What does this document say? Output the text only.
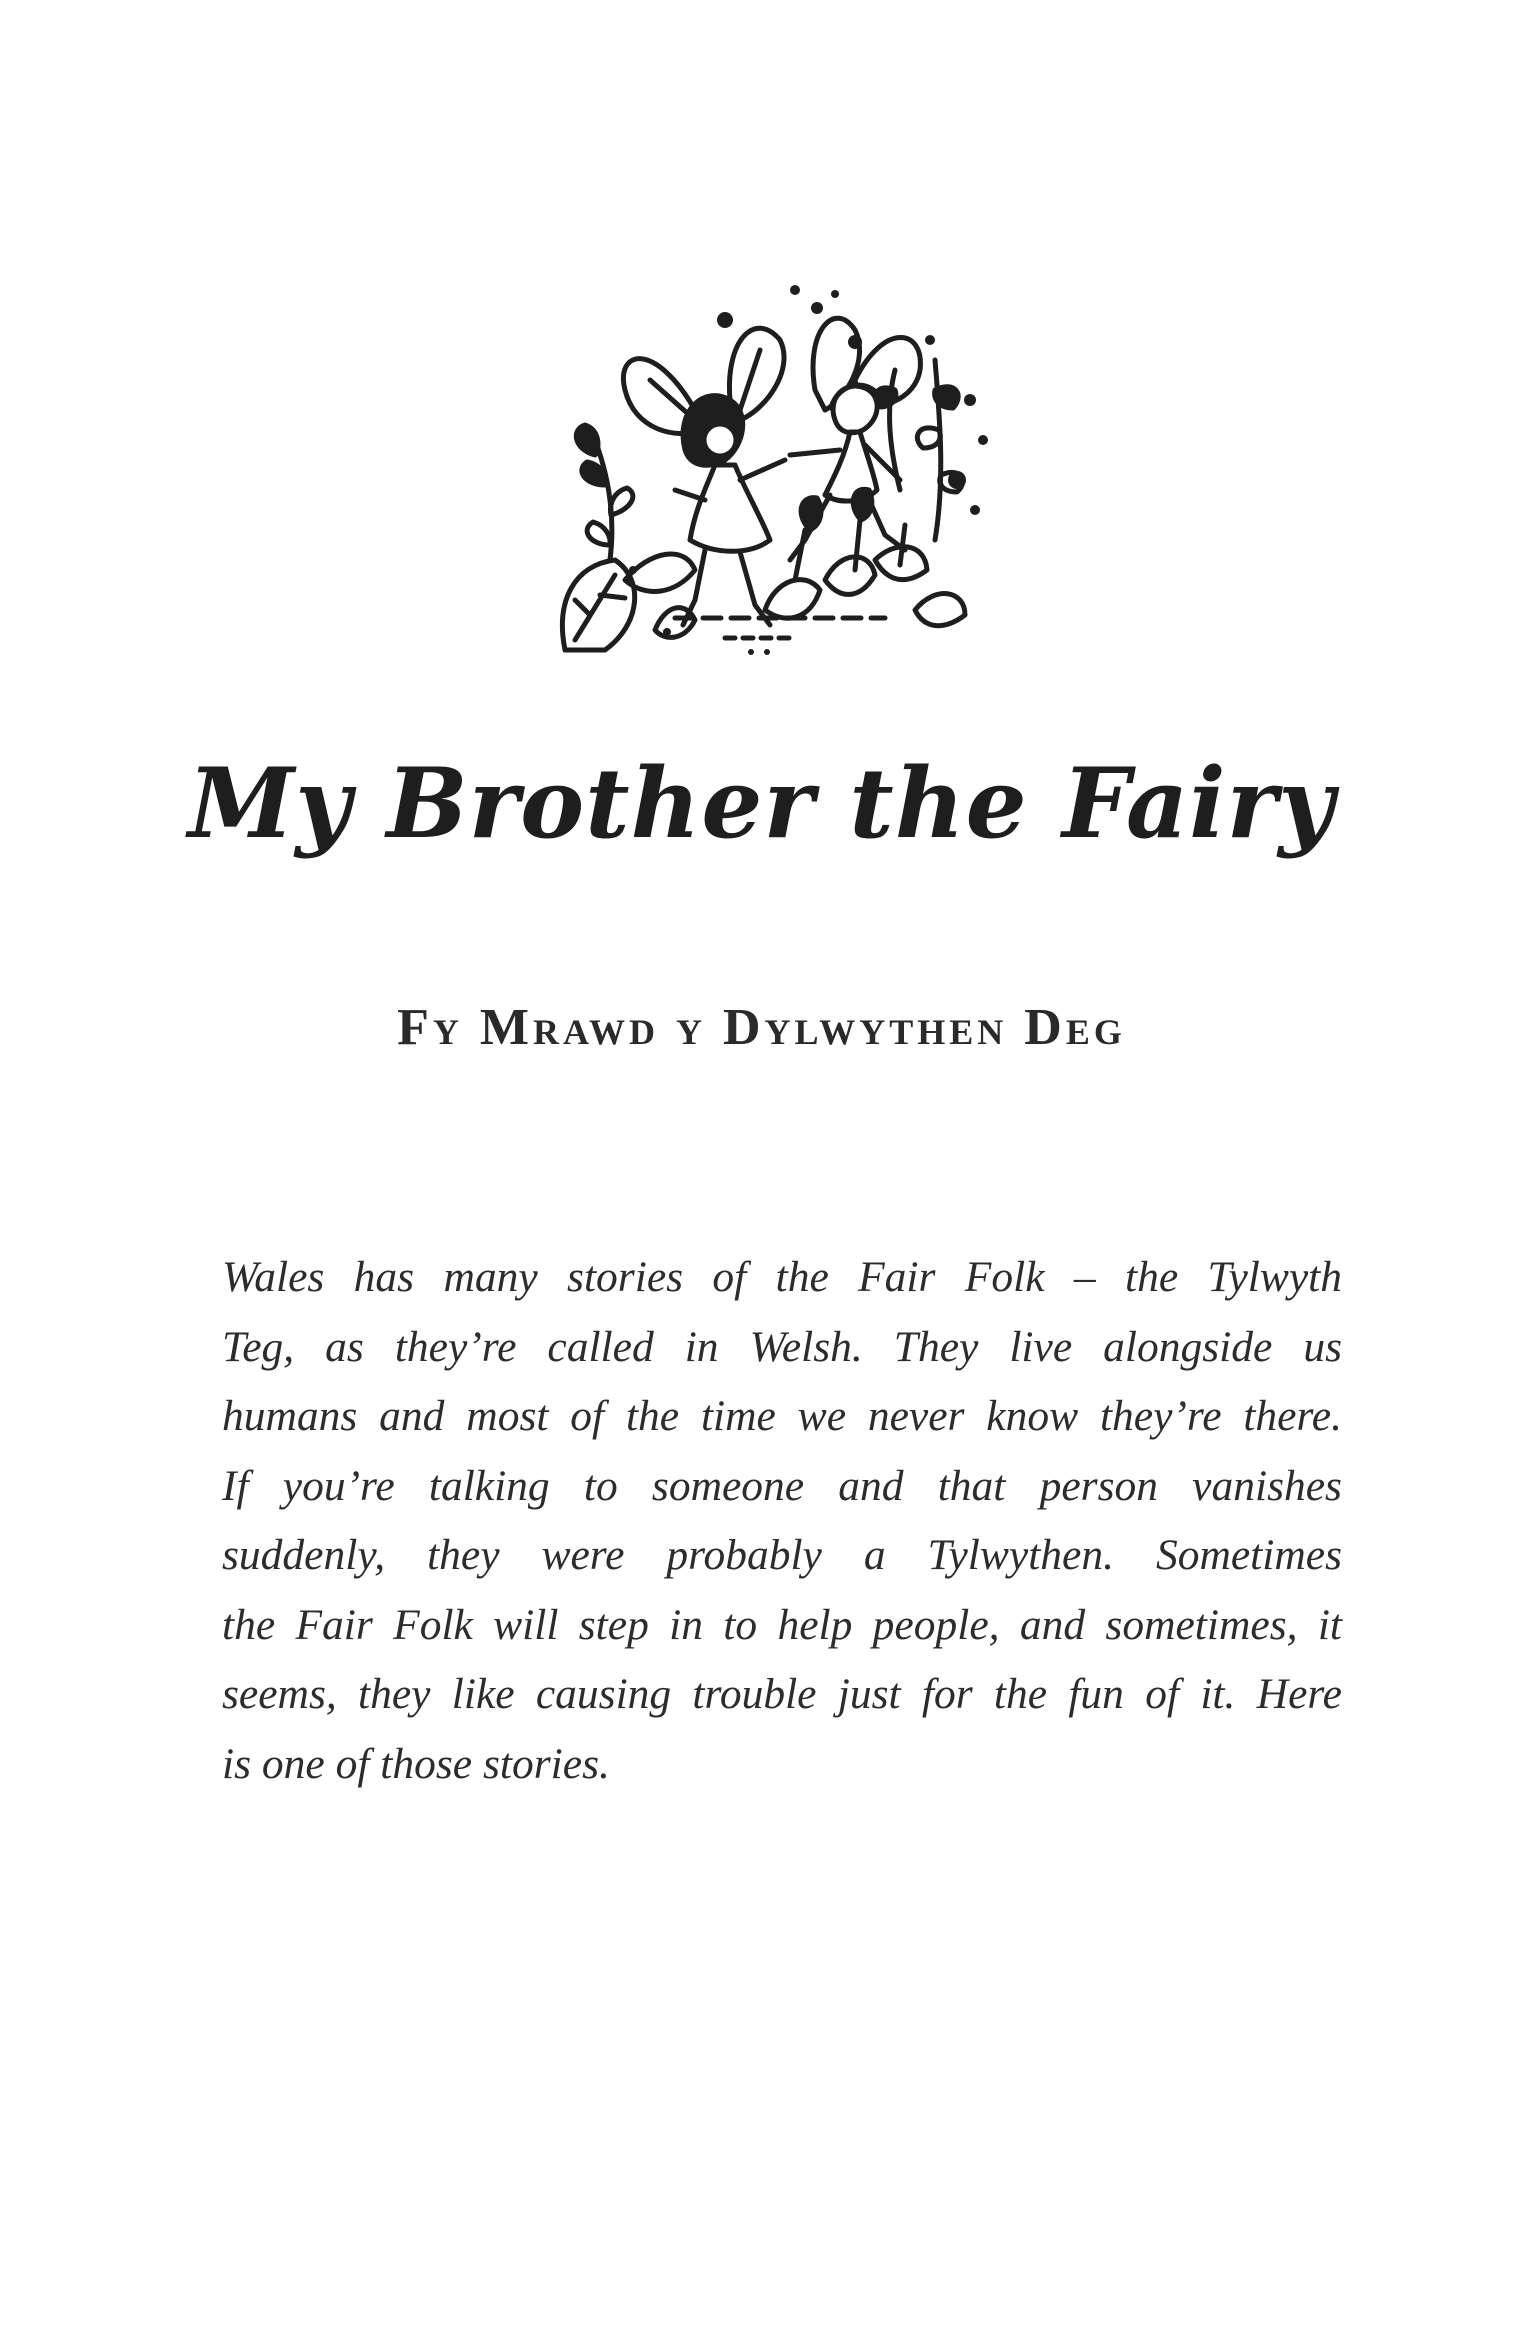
My Brother the Fairy
Fy Mrawd y Dylwythen Deg
Wales has many stories of the Fair Folk – the Tylwyth
Teg, as they’re called in Welsh. They live alongside us
humans and most of the time we never know they’re there.
If you’re talking to someone and that person vanishes
suddenly, they were probably a Tylwythen. Sometimes
the Fair Folk will step in to help people, and sometimes, it
seems, they like causing trouble just for the fun of it. Here
is one of those stories.
